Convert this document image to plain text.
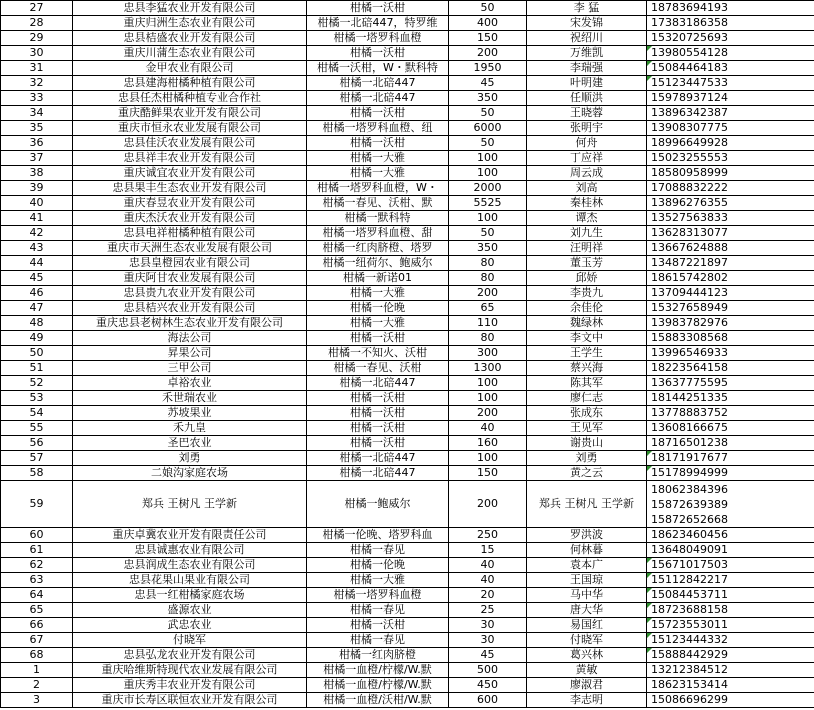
27	忠县李猛农业开发有限公司	柑橘一沃柑	50	李 猛	18783694193
28	重庆归洲生态农业有限公司	柑橘一北碚447，特罗维	400	宋发锦	17383186358
29	忠县桔盛农业开发有限公司	柑橘一塔罗科血橙	150	祝绍川	15320725693
30	重庆川蒲生态农业有限公司	柑橘一沃柑	200	万维凯	13980554128

31	金甲农业有限公司	柑橘一沃柑，W・默科特	1950	李瑞强	15084464183

32	忠县建海柑橘种植有限公司	柑橘一北碚447	45	叶明建	15123447533

33	忠县任杰柑橘种植专业合作社	柑橘一北碚447	350	任顺洪	15978937124
34	重庆酷鲜果农业开发有限公司	柑橘一沃柑	50	王晓蓉	13896342387
35	重庆市恒永农业发展有限公司	柑橘一塔罗科血橙、纽	6000	张明宇	13908307775
36	忠县佳沃农业发展有限公司	柑橘一沃柑	50	何舟	18996649928
37	忠县祥丰农业开发有限公司	柑橘一大雅	100	丁应祥	15023255553
38	重庆诚宜农业开发有限公司	柑橘一大雅	100	周云成	18580958999
39	忠县果丰生态农业开发有限公司	柑橘一塔罗科血橙，W・	2000	刘高	17088832222
40	重庆春昱农业开发有限公司	柑橘一春见、沃柑、默	5525	秦桂林	13896276355
41	重庆杰沃农业开发有限公司	柑橘一默科特	100	谭杰	13527563833
42	忠县电祥柑橘种植有限公司	柑橘一塔罗科血橙、甜	50	刘九生	13628313077
43	重庆市天洲生态农业发展有限公司	柑橘一红肉脐橙、塔罗	350	汪明祥	13667624888
44	忠县皇橙园农业有限公司	柑橘一纽荷尔、鲍威尔	80	董玉芳	13487221897
45	重庆阿甘农业发展有限公司	柑橘一新诺01	80	邱娇	18615742802
46	忠县贵九农业开发有限公司	柑橘一大雅	200	李贵九	13709444123
47	忠县桔兴农业开发有限公司	柑橘一伦晚	65	余佳伦	15327658949
48	重庆忠县老树林生态农业开发有限公司	柑橘一大雅	110	魏绿林	13983782976
49	海法公司	柑橘一沃柑	80	李文中	15883308568
50	昇果公司	柑橘一不知火、沃柑	300	王学生	13996546933
51	三甲公司	柑橘一春见、沃柑	1300	蔡兴海	18223564158
52	卓裕农业	柑橘一北碚447	100	陈其军	13637775595
53	禾世瑞农业	柑橘一沃柑	100	廖仁志	18144251335
54	苏坡果业	柑橘一沃柑	200	张成东	13778883752
55	禾九皇	柑橘一沃柑	40	王见军	13608166675
56	圣巴农业	柑橘一沃柑	160	谢贵山	18716501238
57	刘勇	柑橘一北碚447	100	刘勇	18171917677

58	二娘沟家庭农场	柑橘一北碚447	150	黄之云	15178994999

59	郑兵 王树凡 王学新	柑橘一鲍威尔	200	郑兵 王树凡 王学新	18062384396
15872639389
15872652668

60	重庆卓冀农业开发有限责任公司	柑橘一伦晚、塔罗科血	250	罗洪波	18623460456
61	忠县诚惠农业有限公司	柑橘一春见	15	何林暮	13648049091
62	忠县润成生态农业有限公司	柑橘一伦晚	40	袁本广	15671017503

63	忠县花果山果业有限公司	柑橘一大雅	40	王国琼	15112842217

64	忠县一红柑橘家庭农场	柑橘一塔罗科血橙	20	马中华	15084453711

65	盛源农业	柑橘一春见	25	唐大华	18723688158

66	武忠农业	柑橘一沃柑	30	易国红	15723553011

67	付晓军	柑橘一春见	30	付晓军	15123444332

68	忠县弘龙农业开发有限公司	柑橘一红肉脐橙	45	葛兴林	15888442929

1	重庆哈维斯特现代农业发展有限公司	柑橘一血橙/柠檬/W.默	500	黄敏	13212384512
2	重庆秀丰农业开发有限公司	柑橘一血橙/柠檬/W.默	450	廖淑君	18623153414
3	重庆市长寿区联恒农业开发有限公司	柑橘一血橙/沃柑/W.默	600	李志明	15086696299
